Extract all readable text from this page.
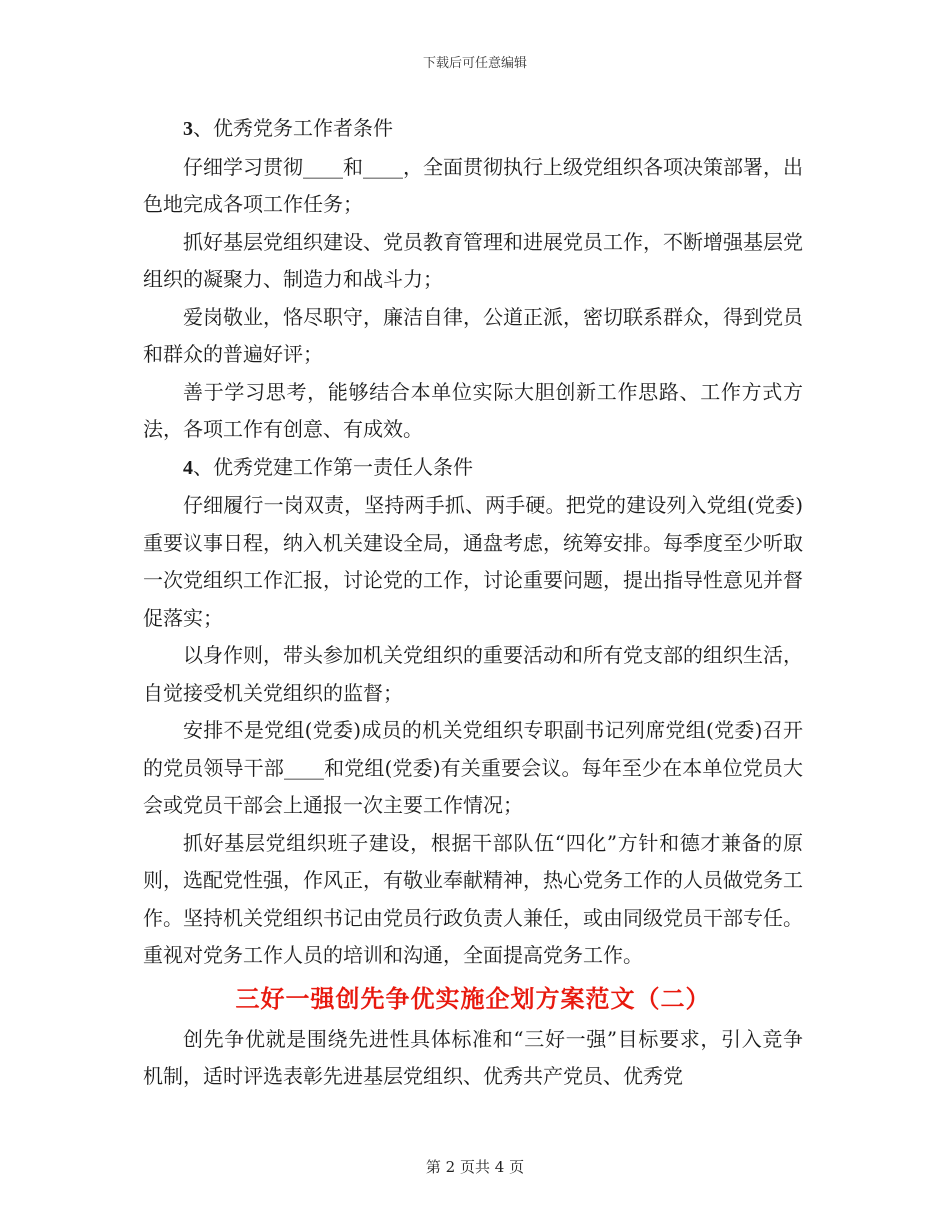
下载后可任意编辑

3、优秀党务工作者条件

仔细学习贯彻____和____，全面贯彻执行上级党组织各项决策部署，出色地完成各项工作任务；

抓好基层党组织建设、党员教育管理和进展党员工作，不断增强基层党组织的凝聚力、制造力和战斗力；

爱岗敬业，恪尽职守，廉洁自律，公道正派，密切联系群众，得到党员和群众的普遍好评；

善于学习思考，能够结合本单位实际大胆创新工作思路、工作方式方法，各项工作有创意、有成效。

4、优秀党建工作第一责任人条件

仔细履行一岗双责，坚持两手抓、两手硬。把党的建设列入党组(党委)重要议事日程，纳入机关建设全局，通盘考虑，统筹安排。每季度至少听取一次党组织工作汇报，讨论党的工作，讨论重要问题，提出指导性意见并督促落实；

以身作则，带头参加机关党组织的重要活动和所有党支部的组织生活，自觉接受机关党组织的监督；

安排不是党组(党委)成员的机关党组织专职副书记列席党组(党委)召开的党员领导干部____和党组(党委)有关重要会议。每年至少在本单位党员大会或党员干部会上通报一次主要工作情况；

抓好基层党组织班子建设，根据干部队伍“四化”方针和德才兼备的原则，选配党性强，作风正，有敬业奉献精神，热心党务工作的人员做党务工作。坚持机关党组织书记由党员行政负责人兼任，或由同级党员干部专任。重视对党务工作人员的培训和沟通，全面提高党务工作。

三好一强创先争优实施企划方案范文（二）

创先争优就是围绕先进性具体标准和“三好一强”目标要求，引入竞争机制，适时评选表彰先进基层党组织、优秀共产党员、优秀党

第 2 页共 4 页
